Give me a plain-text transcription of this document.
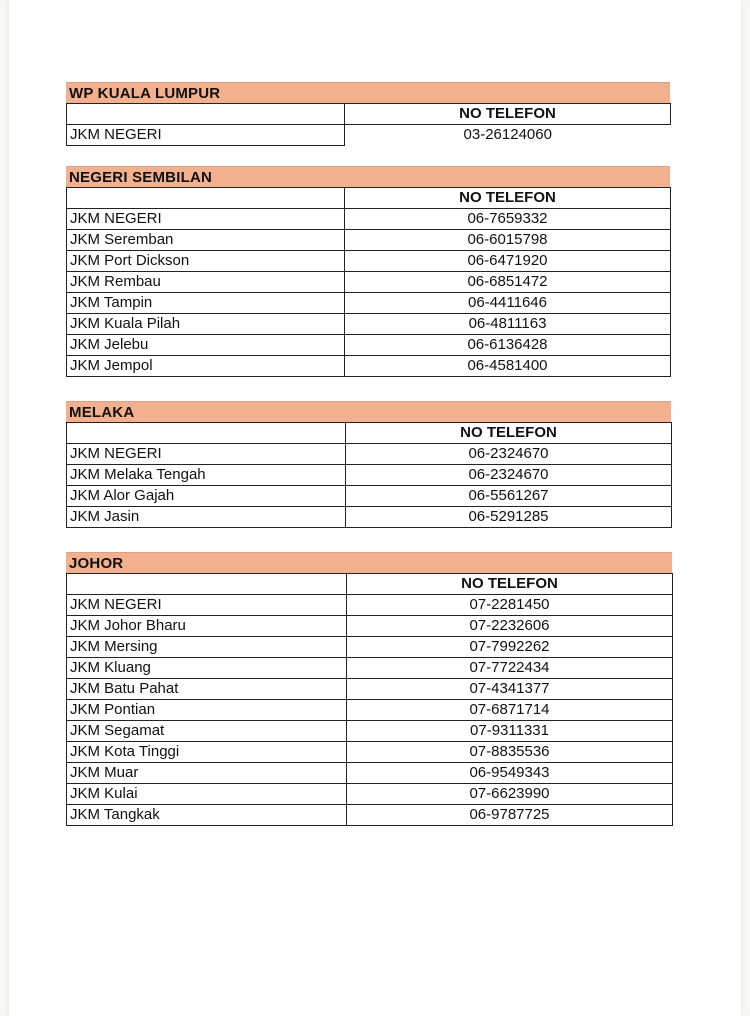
WP KUALA LUMPUR
	NO TELEFON
JKM NEGERI	03-26124060
NEGERI SEMBILAN
	NO TELEFON
JKM NEGERI	06-7659332
JKM Seremban	06-6015798
JKM Port Dickson	06-6471920
JKM Rembau	06-6851472
JKM Tampin	06-4411646
JKM Kuala Pilah	06-4811163
JKM Jelebu	06-6136428
JKM Jempol	06-4581400
MELAKA
	NO TELEFON
JKM NEGERI	06-2324670
JKM Melaka Tengah	06-2324670
JKM Alor Gajah	06-5561267
JKM Jasin	06-5291285
JOHOR
	NO TELEFON
JKM NEGERI	07-2281450
JKM Johor Bharu	07-2232606
JKM Mersing	07-7992262
JKM Kluang	07-7722434
JKM Batu Pahat	07-4341377
JKM Pontian	07-6871714
JKM Segamat	07-9311331
JKM Kota Tinggi	07-8835536
JKM Muar	06-9549343
JKM Kulai	07-6623990
JKM Tangkak	06-9787725
